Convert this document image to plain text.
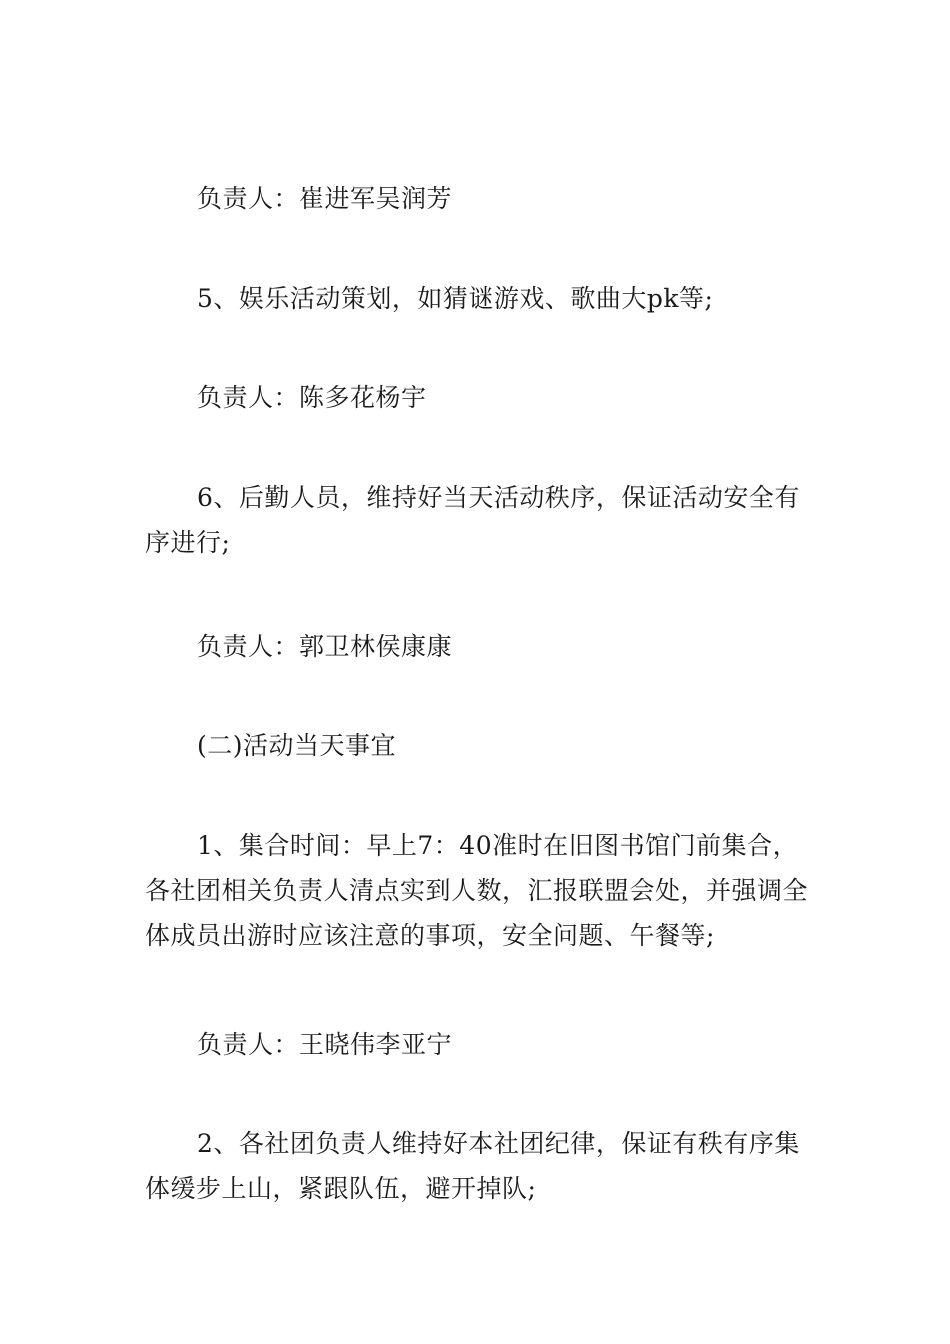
负责人：崔进军吴润芳

5、娱乐活动策划，如猜谜游戏、歌曲大pk等;

负责人：陈多花杨宇

6、后勤人员，维持好当天活动秩序，保证活动安全有序进行;

负责人：郭卫林侯康康

(二)活动当天事宜

1、集合时间：早上7：40准时在旧图书馆门前集合，各社团相关负责人清点实到人数，汇报联盟会处，并强调全体成员出游时应该注意的事项，安全问题、午餐等;

负责人：王晓伟李亚宁

2、各社团负责人维持好本社团纪律，保证有秩有序集体缓步上山，紧跟队伍，避开掉队;
